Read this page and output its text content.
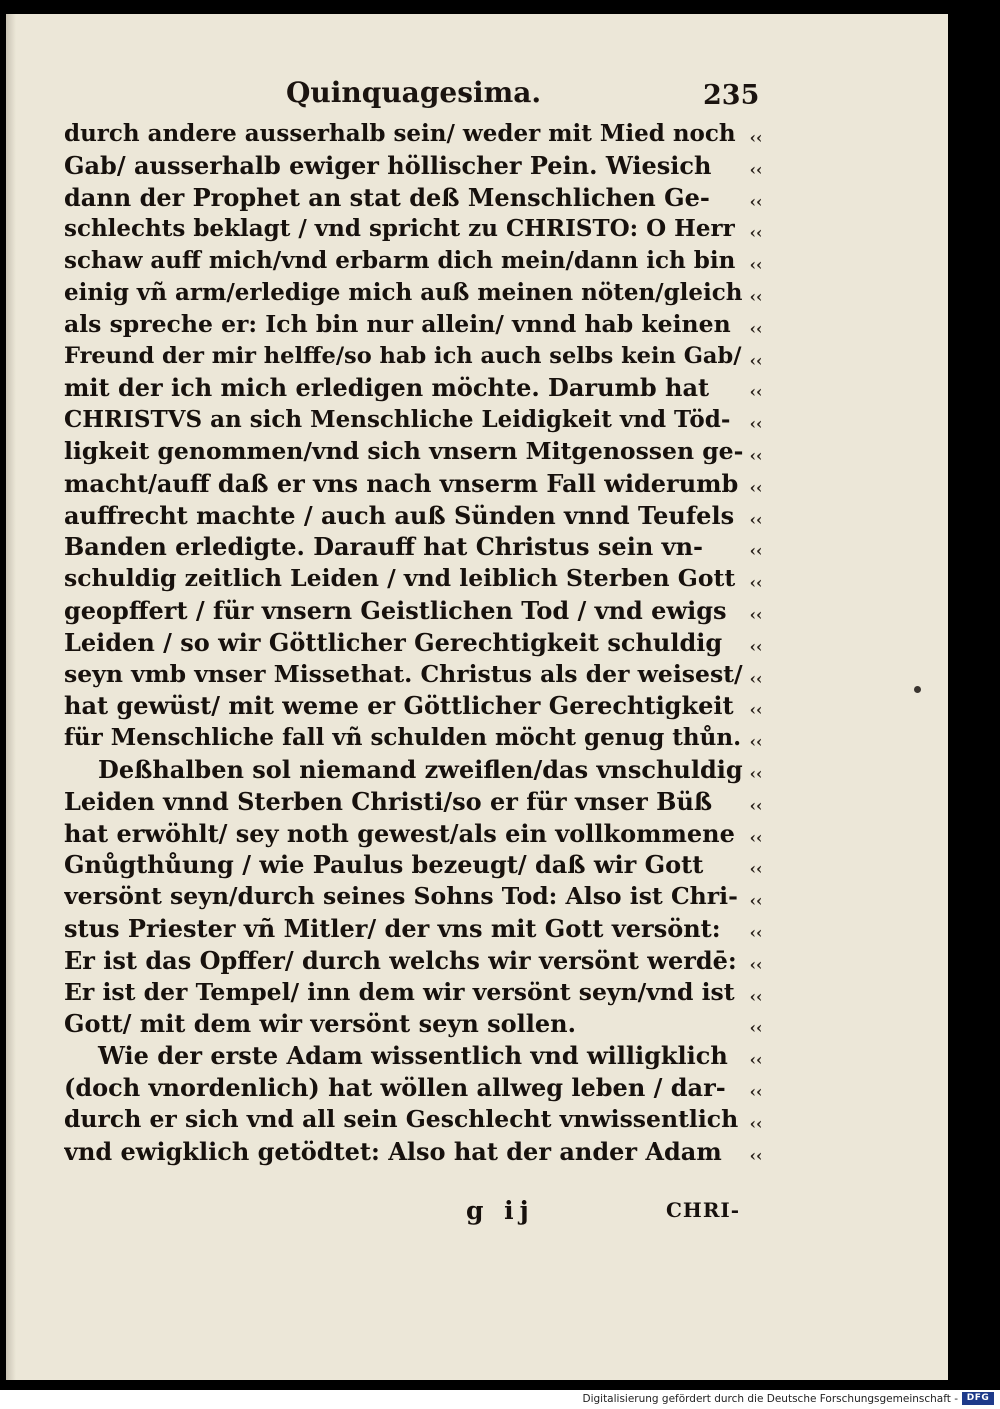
Quinquagesima.	235
durch andere ausserhalb sein/ weder mit Mied noch
Gab/ ausserhalb ewiger höllischer Pein. Wiesich
dann der Prophet an stat deß Menschlichen Ge-
schlechts beklagt / vnd spricht zu CHRISTO: O Herr
schaw auff mich/vnd erbarm dich mein/dann ich bin
einig vñ arm/erledige mich auß meinen nöten/gleich
als spreche er: Ich bin nur allein/ vnnd hab keinen
Freund der mir helffe/so hab ich auch selbs kein Gab/
mit der ich mich erledigen möchte. Darumb hat
CHRISTVS an sich Menschliche Leidigkeit vnd Töd-
ligkeit genommen/vnd sich vnsern Mitgenossen ge-
macht/auff daß er vns nach vnserm Fall widerumb
auffrecht machte / auch auß Sünden vnnd Teufels
Banden erledigte. Darauff hat Christus sein vn-
schuldig zeitlich Leiden / vnd leiblich Sterben Gott
geopffert / für vnsern Geistlichen Tod / vnd ewigs
Leiden / so wir Göttlicher Gerechtigkeit schuldig
seyn vmb vnser Missethat. Christus als der weisest/
hat gewüst/ mit weme er Göttlicher Gerechtigkeit
für Menschliche fall vñ schulden möcht genug thůn.
Deßhalben sol niemand zweiflen/das vnschuldig
Leiden vnnd Sterben Christi/so er für vnser Büß
hat erwöhlt/ sey noth gewest/als ein vollkommene
Gnůgthůung / wie Paulus bezeugt/ daß wir Gott
versönt seyn/durch seines Sohns Tod: Also ist Chri-
stus Priester vñ Mitler/ der vns mit Gott versönt:
Er ist das Opffer/ durch welchs wir versönt werdē:
Er ist der Tempel/ inn dem wir versönt seyn/vnd ist
Gott/ mit dem wir versönt seyn sollen.
Wie der erste Adam wissentlich vnd willigklich
(doch vnordenlich) hat wöllen allweg leben / dar-
durch er sich vnd all sein Geschlecht vnwissentlich
vnd ewigklich getödtet: Also hat der ander Adam
‹‹
‹‹
‹‹
‹‹
‹‹
‹‹
‹‹
‹‹
‹‹
‹‹
‹‹
‹‹
‹‹
‹‹
‹‹
‹‹
‹‹
‹‹
‹‹
‹‹
‹‹
‹‹
‹‹
‹‹
‹‹
‹‹
‹‹
‹‹
‹‹
‹‹
‹‹
‹‹
‹‹
g ij	CHRI-
Digitalisierung gefördert durch die Deutsche Forschungsgemeinschaft - DFG
